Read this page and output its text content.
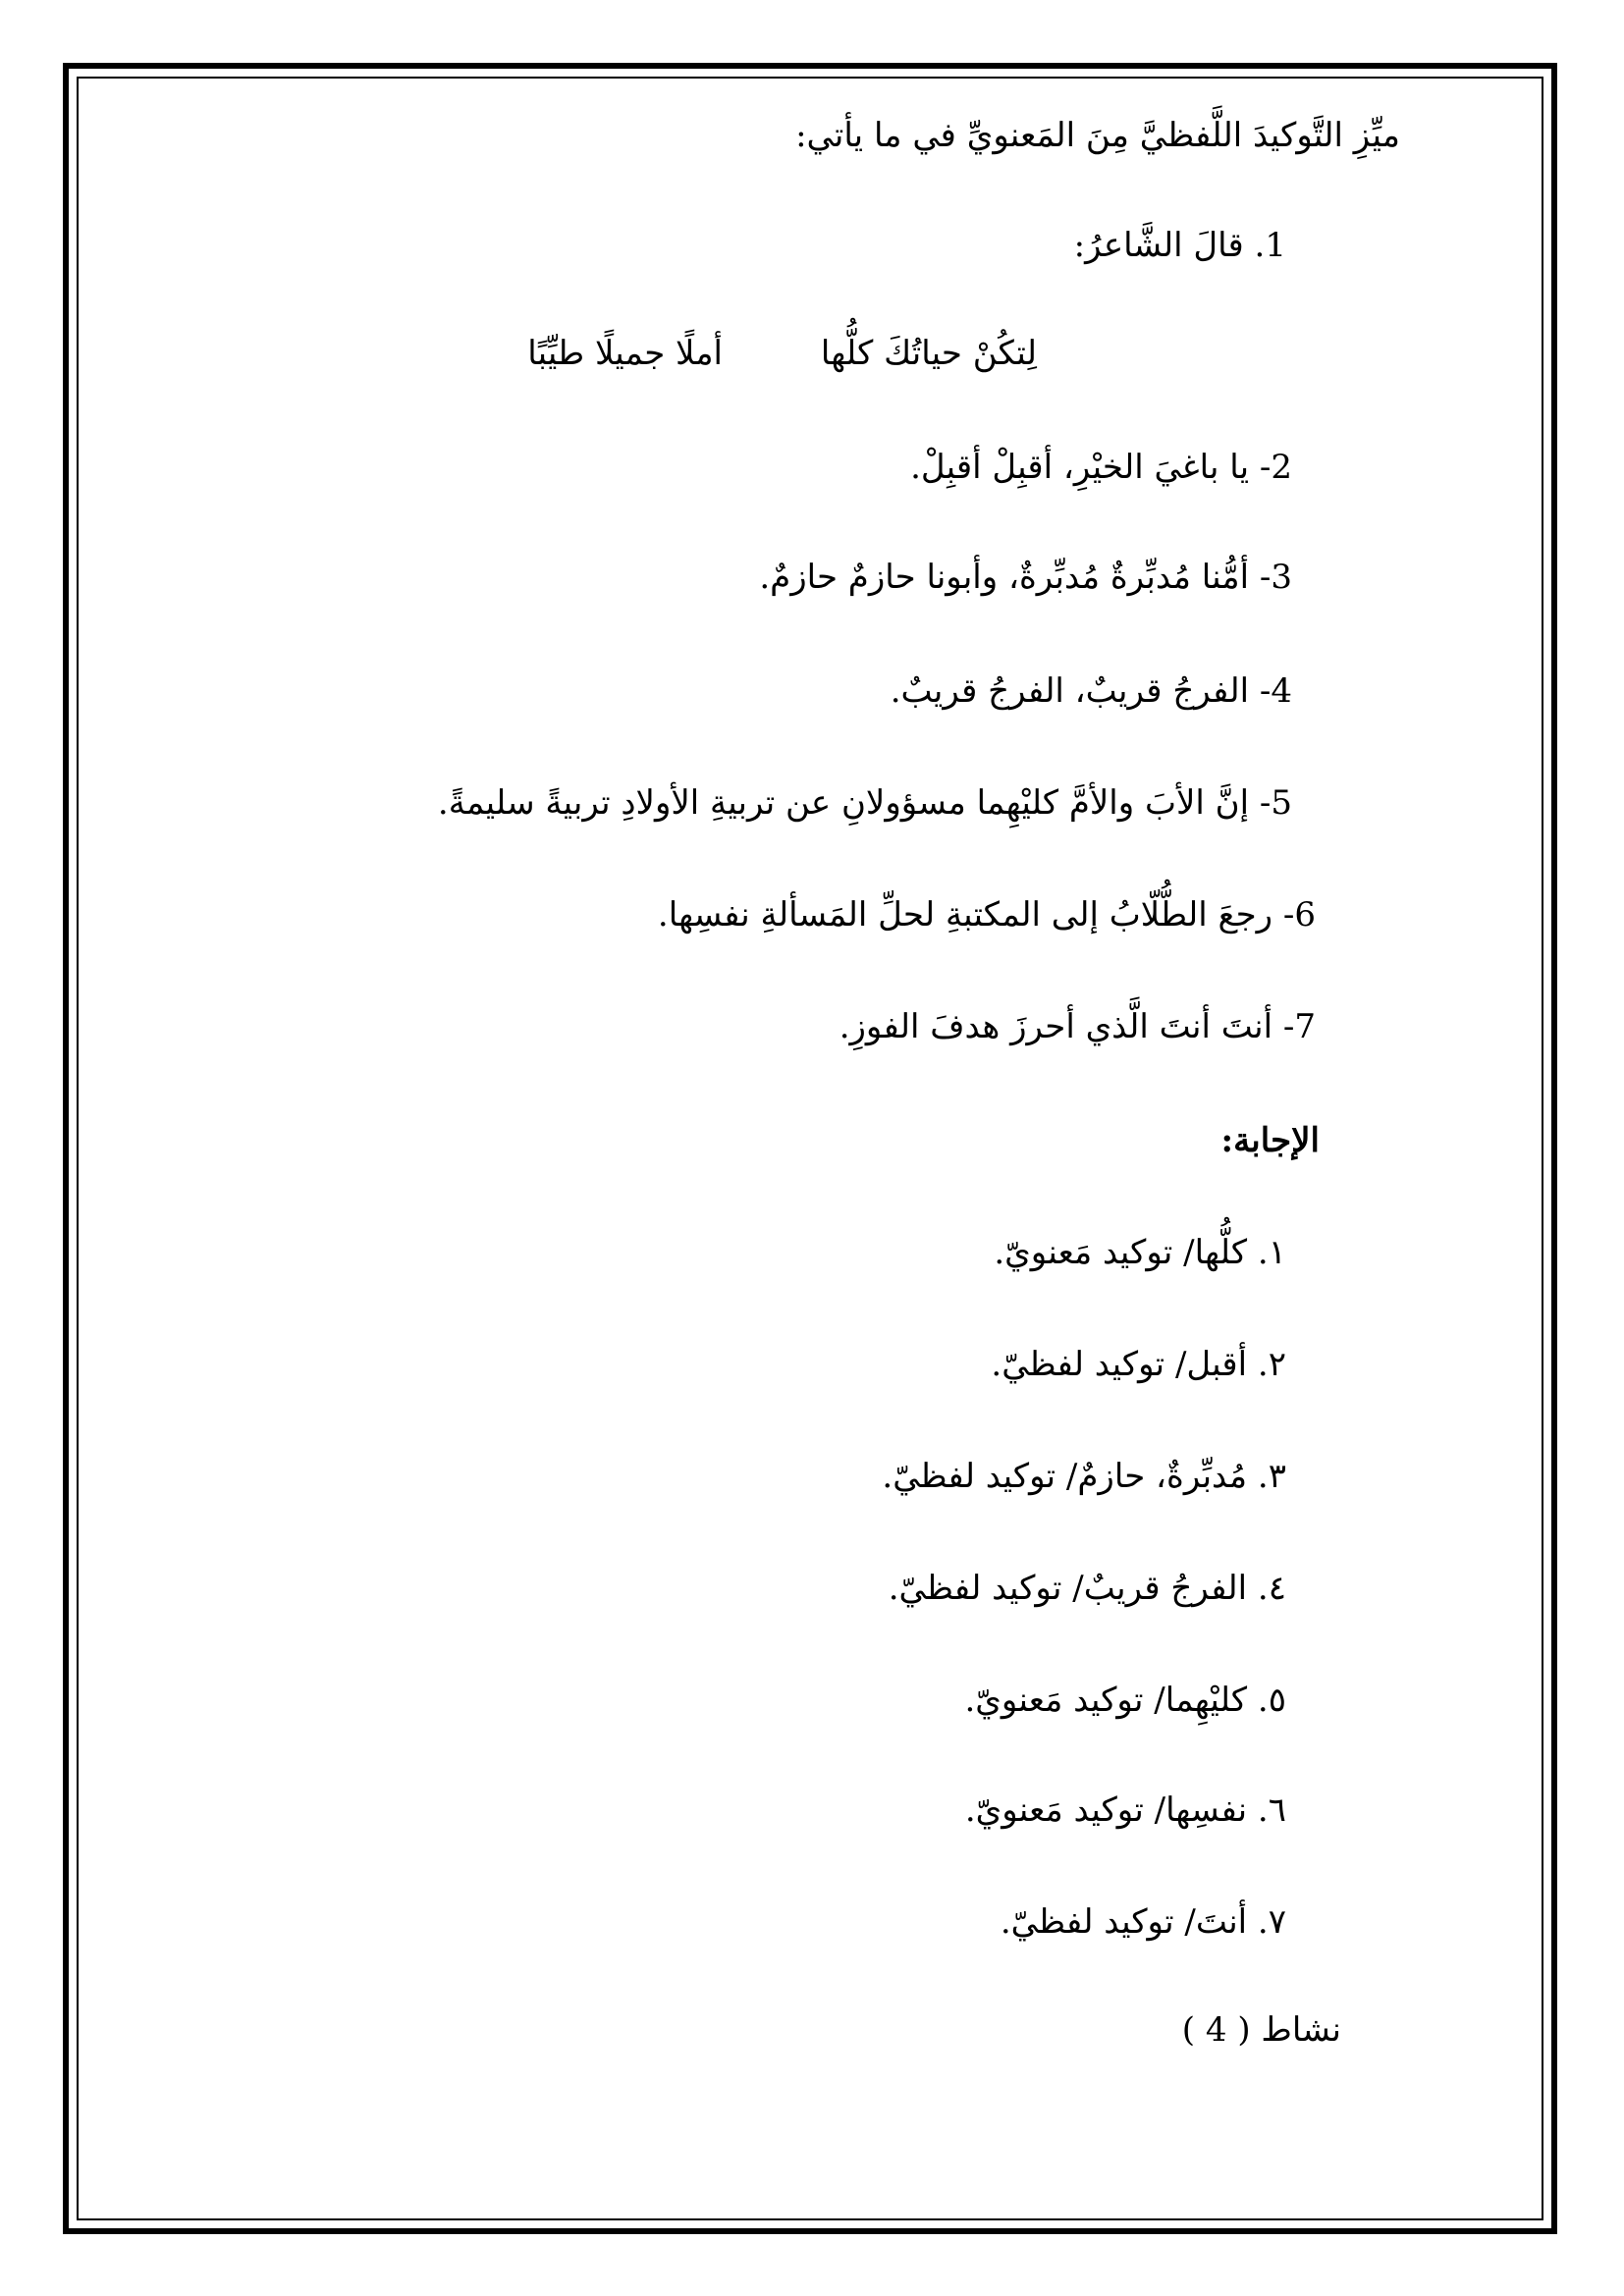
ميِّزِ التَّوكيدَ اللَّفظيَّ مِنَ المَعنويِّ في ما يأتي:
1. قالَ الشَّاعرُ:
لِتكُنْ حياتُكَ كلُّها
أملًا جميلًا طيِّبًا
2- يا باغيَ الخيْرِ، أقبِلْ أقبِلْ.
3- أمُّنا مُدبِّرةٌ مُدبِّرةٌ، وأبونا حازمٌ حازمٌ.
4- الفرجُ قريبٌ، الفرجُ قريبٌ.
5- إنَّ الأبَ والأمَّ كليْهِما مسؤولانِ عن تربيةِ الأولادِ تربيةً سليمةً.
6- رجعَ الطُّلّابُ إلى المكتبةِ لحلِّ المَسألةِ نفسِها.
7- أنتَ أنتَ الَّذي أحرزَ هدفَ الفوزِ.
الإجابة:
١. كلُّها/ توكيد مَعنويّ.
٢. أقبل/ توكيد لفظيّ.
٣. مُدبِّرةٌ، حازمٌ/ توكيد لفظيّ.
٤. الفرجُ قريبٌ/ توكيد لفظيّ.
٥. كليْهِما/ توكيد مَعنويّ.
٦. نفسِها/ توكيد مَعنويّ.
٧. أنتَ/ توكيد لفظيّ.
نشاط ( 4 )
